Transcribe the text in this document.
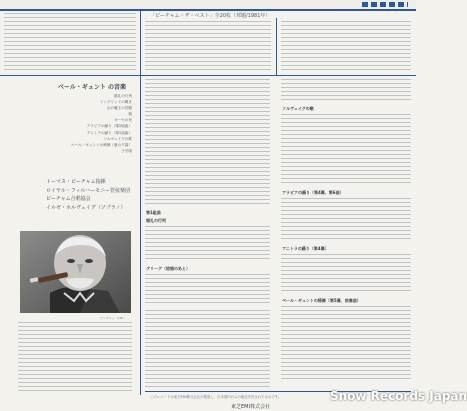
「ビーチャム・ザ・ベスト」全20枚（邦題/1981年）
ベール・ギュント の音楽
婚礼の行列
イングリッドの嘆き
山の魔王の宮殿
朝
オーセの死
アラビアの踊り（第2組曲）
アニトラの踊り（第1組曲）
ソルヴェイグの歌
ペール・ギュントの帰郷（嵐の夕暮）
子守唄
トーマス・ビーチャム指揮
ロイヤル・フィルハーモニー管弦楽団
ビーチャム合唱協会
イルゼ・ホルヴェイグ（ソプラノ）
ビーチャム（L.B.）
第1組曲
婚礼の行列
グリーグ（結婚のあと）
ソルヴェイグの歌
アラビアの踊り（第4幕、第6曲）
アニトラの踊り（第4幕）
ペール・ギュントの帰郷（第5幕、前奏曲）
このレコードは東芝EMI株式会社が製造し、日本国内のみの販売を許されたものです。
東芝EMI株式会社
Snow Records Japan
